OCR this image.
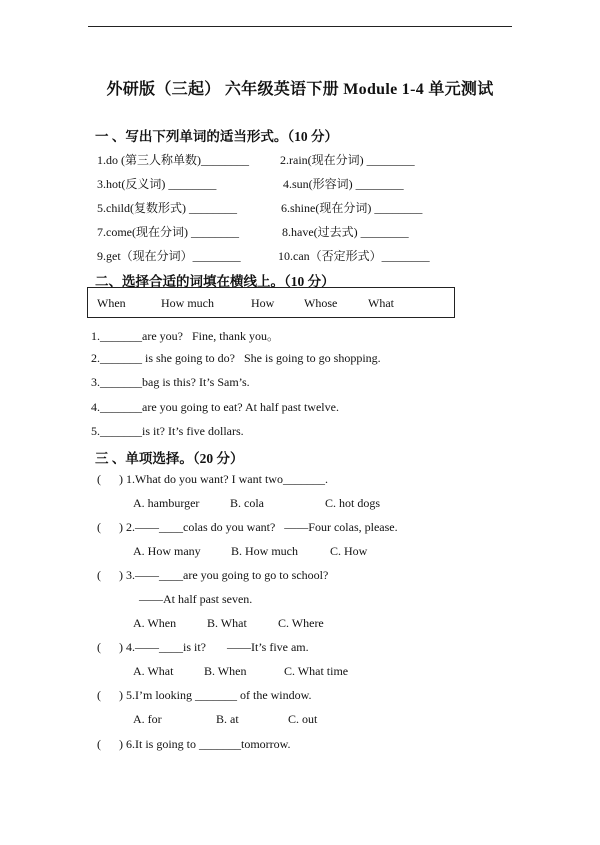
外研版（三起） 六年级英语下册 Module 1-4 单元测试
一 、写出下列单词的适当形式。（10 分）
1.do (第三人称单数)________	2.rain(现在分词) ________
3.hot(反义词) ________	4.sun(形容词) ________
5.child(复数形式) ________	6.shine(现在分词) ________
7.come(现在分词) ________	8.have(过去式) ________
9.get（现在分词）________	10.can（否定形式）________
二、选择合适的词填在横线上。（10 分）
When	How much	How Whose	What
1._______are you?   Fine, thank you。
2._______ is she going to do?   She is going to go shopping.
3._______bag is this? It’s Sam’s.
4._______are you going to eat? At half past twelve.
5._______is it? It’s five dollars.
三 、单项选择。（20 分）
(      ) 1.What do you want? I want two_______.
A. hamburger	B. cola	C. hot dogs
(      ) 2.——____colas do you want?   ——Four colas, please.
A. How many	B. How much	C. How
(      ) 3.——____are you going to go to school?
——At half past seven.
A. When	B. What	C. Where
(      ) 4.——____is it?       ——It’s five am.
A. What	B. When	C. What time
(      ) 5.I’m looking _______ of the window.
A. for	B. at	C. out
(      ) 6.It is going to _______tomorrow.
